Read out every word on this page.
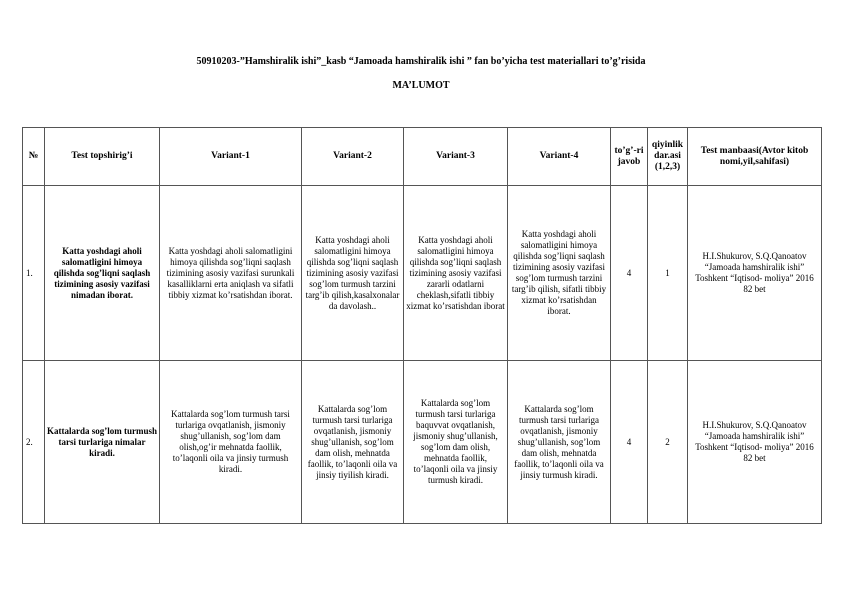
50910203-”Hamshiralik ishi”_kasb “Jamoada hamshiralik ishi ” fan bo’yicha test materiallari to’g’risida
MA’LUMOT
№	Test topshirig’i	Variant-1	Variant-2	Variant-3	Variant-4	to’g’-ri javob	qiyinlik dar.asi (1,2,3)	Test manbaasi(Avtor kitob nomi,yil,sahifasi)
1.	Katta yoshdagi aholi salomatligini himoya qilishda sog’liqni saqlash tizimining asosiy vazifasi nimadan iborat.	Katta yoshdagi aholi salomatligini himoya qilishda sog’liqni saqlash tizimining asosiy vazifasi surunkali kasalliklarni erta aniqlash va sifatli tibbiy xizmat ko’rsatishdan iborat.	Katta yoshdagi aholi salomatligini himoya qilishda sog’liqni saqlash tizimining asosiy vazifasi sog’lom turmush tarzini targ’ib qilish,kasalxonalar da davolash..	Katta yoshdagi aholi salomatligini himoya qilishda sog’liqni saqlash tizimining asosiy vazifasi zararli odatlarni cheklash,sifatli tibbiy xizmat ko’rsatishdan iborat	Katta yoshdagi aholi salomatligini himoya qilishda sog’liqni saqlash tizimining asosiy vazifasi sog’lom turmush tarzini targ’ib qilish, sifatli tibbiy xizmat ko’rsatishdan iborat.	4	1	H.I.Shukurov, S.Q.Qanoatov “Jamoada hamshiralik ishi” Toshkent “Iqtisod- moliya” 2016 82 bet
2.	Kattalarda sog’lom turmush tarsi turlariga nimalar kiradi.	Kattalarda sog’lom turmush tarsi turlariga ovqatlanish, jismoniy shug’ullanish, sog’lom dam olish,og’ir mehnatda faollik, to’laqonli oila va jinsiy turmush kiradi.	Kattalarda sog’lom turmush tarsi turlariga ovqatlanish, jismoniy shug’ullanish, sog’lom dam olish, mehnatda faollik, to’laqonli oila va jinsiy tiyilish kiradi.	Kattalarda sog’lom turmush tarsi turlariga baquvvat ovqatlanish, jismoniy shug’ullanish, sog’lom dam olish, mehnatda faollik, to’laqonli oila va jinsiy turmush kiradi.	Kattalarda sog’lom turmush tarsi turlariga ovqatlanish, jismoniy shug’ullanish, sog’lom dam olish, mehnatda faollik, to’laqonli oila va jinsiy turmush kiradi.	4	2	H.I.Shukurov, S.Q.Qanoatov “Jamoada hamshiralik ishi” Toshkent “Iqtisod- moliya” 2016 82 bet
